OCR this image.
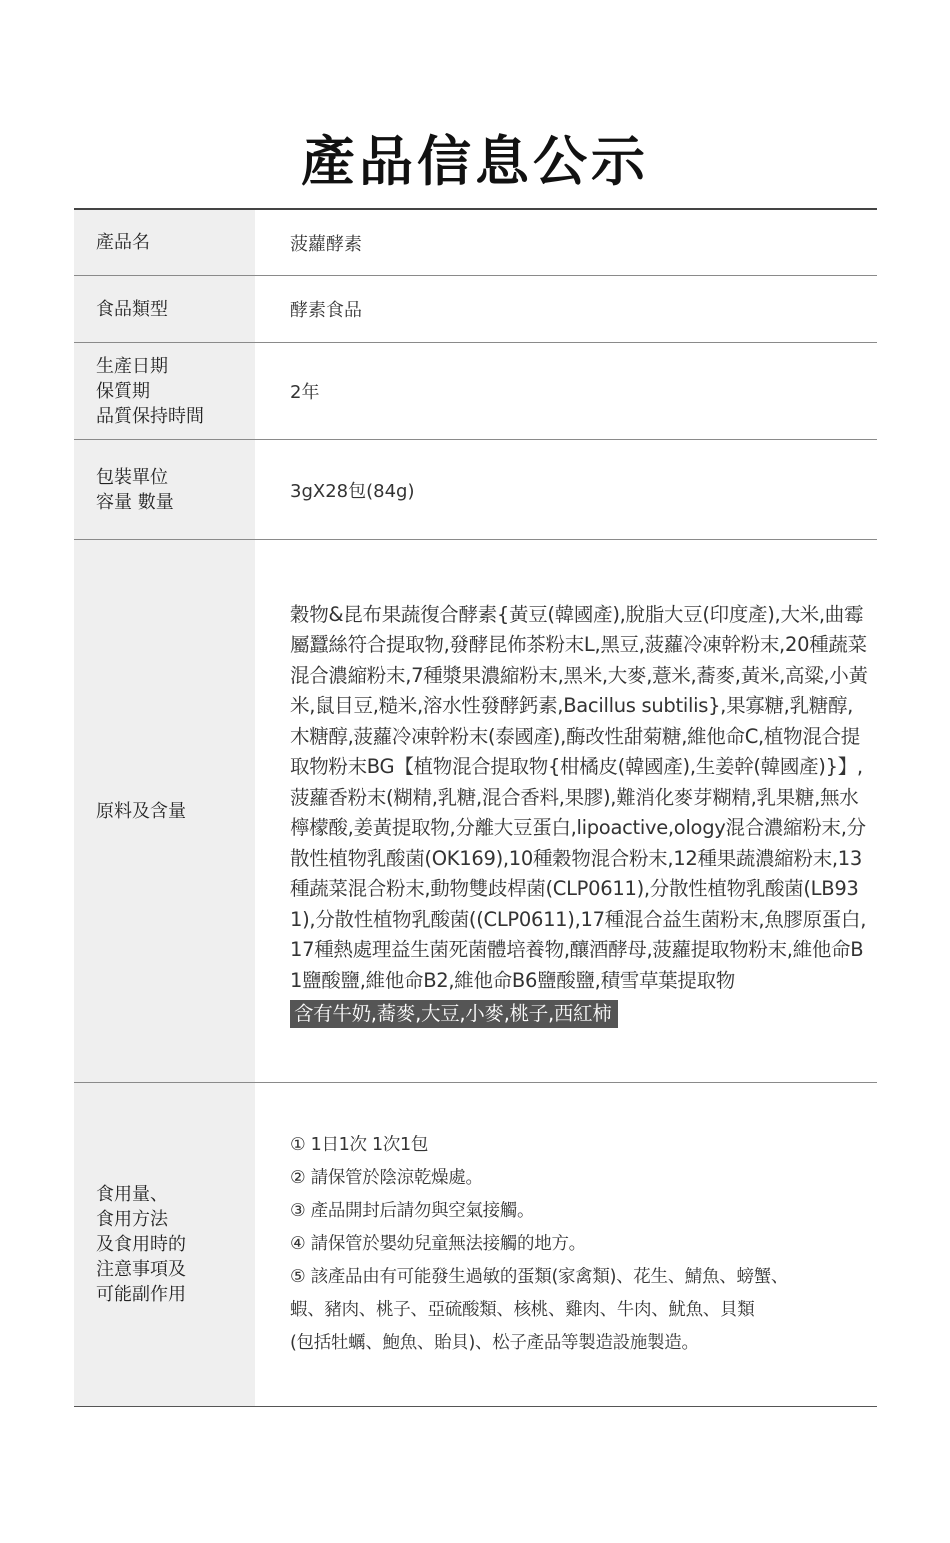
產品信息公示
產品名	菠蘿酵素
食品類型	酵素食品
生產日期
保質期
品質保持時間
2年
包裝單位
容量 數量
3gX28包(84g)
原料及含量
穀物&昆布果蔬復合酵素{黃豆(韓國產),脫脂大豆(印度產),大米,曲霉屬蠶絲符合提取物,發酵昆佈茶粉末L,黑豆,菠蘿冷凍幹粉末,20種蔬菜混合濃縮粉末,7種漿果濃縮粉末,黑米,大麥,薏米,蕎麥,黃米,高粱,小黃米,鼠目豆,糙米,溶水性發酵鈣素,Bacillus subtilis},果寡糖,乳糖醇,木糖醇,菠蘿冷凍幹粉末(泰國產),酶改性甜菊糖,維他命C,植物混合提取物粉末BG【植物混合提取物{柑橘皮(韓國產),生姜幹(韓國產)}】,菠蘿香粉末(糊精,乳糖,混合香料,果膠),難消化麥芽糊精,乳果糖,無水檸檬酸,姜黃提取物,分離大豆蛋白,lipoactive,ology混合濃縮粉末,分散性植物乳酸菌(OK169),10種穀物混合粉末,12種果蔬濃縮粉末,13種蔬菜混合粉末,動物雙歧桿菌(CLP0611),分散性植物乳酸菌(LB931),分散性植物乳酸菌((CLP0611),17種混合益生菌粉末,魚膠原蛋白,17種熱處理益生菌死菌體培養物,釀酒酵母,菠蘿提取物粉末,維他命B1鹽酸鹽,維他命B2,維他命B6鹽酸鹽,積雪草葉提取物
含有牛奶,蕎麥,大豆,小麥,桃子,西紅柿
食用量、
食用方法
及食用時的
注意事項及
可能副作用
① 1日1次 1次1包
② 請保管於陰涼乾燥處。
③ 產品開封后請勿與空氣接觸。
④ 請保管於嬰幼兒童無法接觸的地方。
⑤ 該產品由有可能發生過敏的蛋類(家禽類)、花生、鯖魚、螃蟹、
蝦、豬肉、桃子、亞硫酸類、核桃、雞肉、牛肉、魷魚、貝類
(包括牡蠣、鮑魚、貽貝)、松子產品等製造設施製造。
